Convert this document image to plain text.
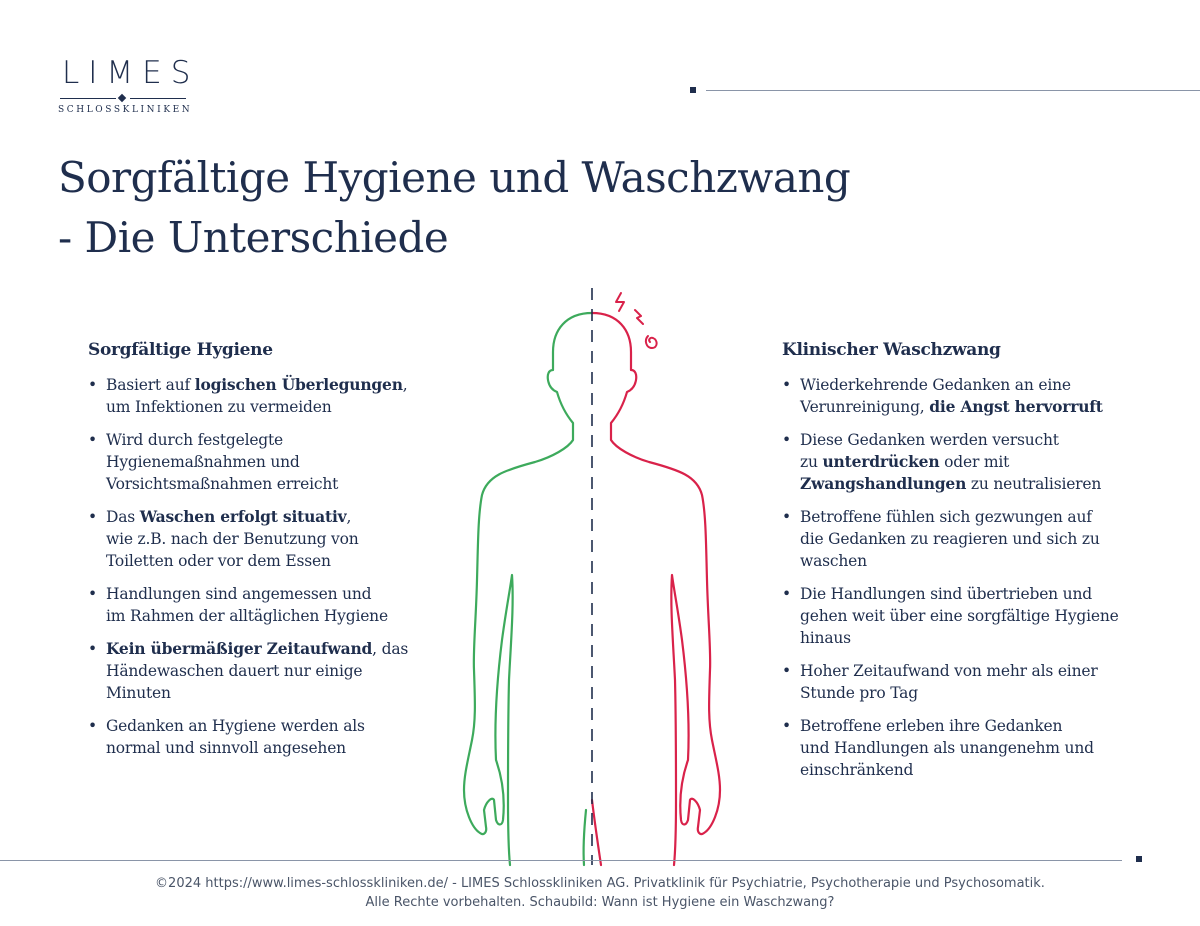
LIMES
SCHLOSSKLINIKEN
Sorgfältige Hygiene und Waschzwang
- Die Unterschiede
Sorgfältige Hygiene
• Basiert auf logischen Überlegungen,
um Infektionen zu vermeiden
• Wird durch festgelegte
Hygienemaßnahmen und
Vorsichtsmaßnahmen erreicht
• Das Waschen erfolgt situativ,
wie z.B. nach der Benutzung von
Toiletten oder vor dem Essen
• Handlungen sind angemessen und
im Rahmen der alltäglichen Hygiene
• Kein übermäßiger Zeitaufwand, das
Händewaschen dauert nur einige
Minuten
• Gedanken an Hygiene werden als
normal und sinnvoll angesehen
Klinischer Waschzwang
• Wiederkehrende Gedanken an eine
Verunreinigung, die Angst hervorruft
• Diese Gedanken werden versucht
zu unterdrücken oder mit
Zwangshandlungen zu neutralisieren
• Betroffene fühlen sich gezwungen auf
die Gedanken zu reagieren und sich zu
waschen
• Die Handlungen sind übertrieben und
gehen weit über eine sorgfältige Hygiene
hinaus
• Hoher Zeitaufwand von mehr als einer
Stunde pro Tag
• Betroffene erleben ihre Gedanken
und Handlungen als unangenehm und
einschränkend
©2024 https://www.limes-schlosskliniken.de/ - LIMES Schlosskliniken AG. Privatklinik für Psychiatrie, Psychotherapie und Psychosomatik.
Alle Rechte vorbehalten. Schaubild: Wann ist Hygiene ein Waschzwang?
